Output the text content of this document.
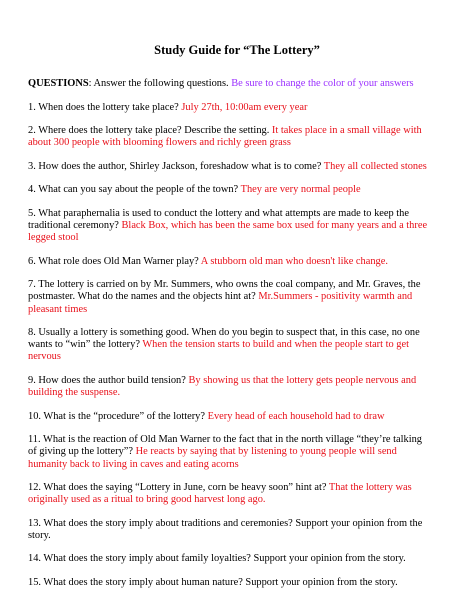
Study Guide for “The Lottery”
QUESTIONS: Answer the following questions. Be sure to change the color of your answers
1. When does the lottery take place? July 27th, 10:00am every year
2. Where does the lottery take place? Describe the setting. It takes place in a small village with about 300 people with blooming flowers and richly green grass
3. How does the author, Shirley Jackson, foreshadow what is to come? They all collected stones
4. What can you say about the people of the town? They are very normal people
5. What paraphernalia is used to conduct the lottery and what attempts are made to keep the traditional ceremony? Black Box, which has been the same box used for many years and a three legged stool
6. What role does Old Man Warner play? A stubborn old man who doesn't like change.
7. The lottery is carried on by Mr. Summers, who owns the coal company, and Mr. Graves, the postmaster. What do the names and the objects hint at? Mr.Summers - positivity warmth and pleasant times
8. Usually a lottery is something good. When do you begin to suspect that, in this case, no one wants to “win” the lottery? When the tension starts to build and when the people start to get nervous
9. How does the author build tension? By showing us that the lottery gets people nervous and building the suspense.
10. What is the “procedure” of the lottery? Every head of each household had to draw
11. What is the reaction of Old Man Warner to the fact that in the north village “they’re talking of giving up the lottery”? He reacts by saying that by listening to young people will send humanity back to living in caves and eating acorns
12. What does the saying “Lottery in June, corn be heavy soon” hint at? That the lottery was originally used as a ritual to bring good harvest long ago.
13. What does the story imply about traditions and ceremonies? Support your opinion from the story.
14. What does the story imply about family loyalties? Support your opinion from the story.
15. What does the story imply about human nature? Support your opinion from the story.
